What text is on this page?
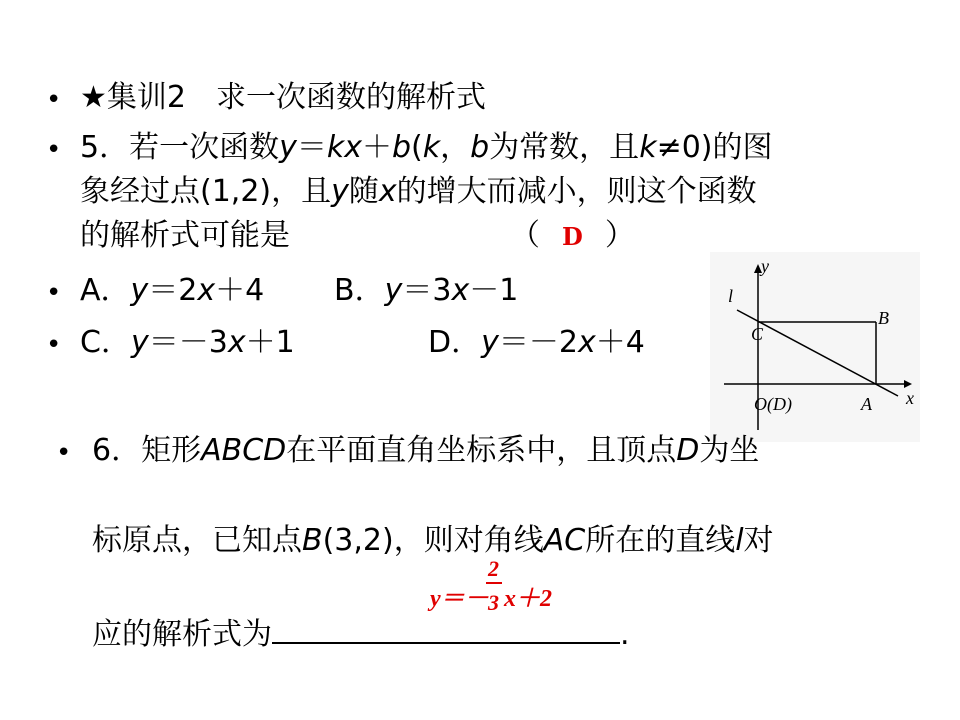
• ★集训2　求一次函数的解析式
• 5．若一次函数y＝kx＋b(k，b为常数，且k≠0)的图
象经过点(1,2)，且y随x的增大而减小，则这个函数
的解析式可能是	（ D ）
• A．y＝2x＋4 B．y＝3x－1
• C．y＝－3x＋1	D．y＝－2x＋4
y
x
l
C
B
A
O(D)
• 6．矩形ABCD在平面直角坐标系中，且顶点D为坐
标原点，已知点B(3,2)，则对角线AC所在的直线l对
y＝－
2
3 x＋2
应的解析式为	.
